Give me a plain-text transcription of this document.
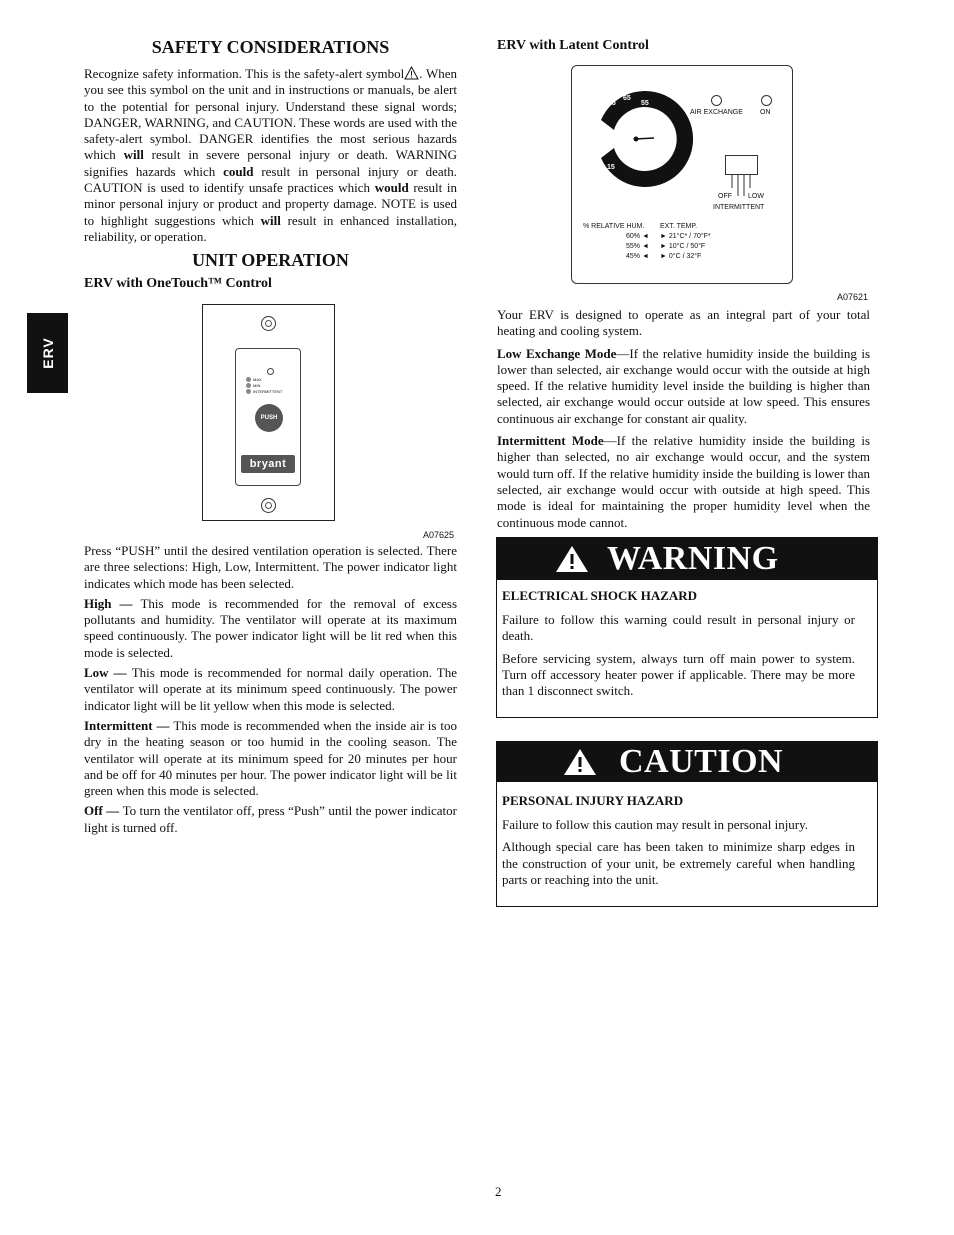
ERV
SAFETY CONSIDERATIONS

Recognize safety information. This is the safety‑alert symbol . When you see this symbol on the unit and in instructions or manuals, be alert to the potential for personal injury. Understand these signal words; DANGER, WARNING, and CAUTION. These words are used with the safety‑alert symbol. DANGER identifies the most serious hazards which will result in severe personal injury or death. WARNING signifies hazards which could result in personal injury or death. CAUTION is used to identify unsafe practices which would result in minor personal injury or product and property damage. NOTE is used to highlight suggestions which will result in enhanced installation, reliability, or operation.

UNIT OPERATION
ERV with OneTouch™ Control
MAX
MIN
INTERMITTENT
PUSH
bryant
A07625

Press “PUSH” until the desired ventilation operation is selected. There are three selections: High, Low, Intermittent. The power indicator light indicates which mode has been selected.

High — This mode is recommended for the removal of excess pollutants and humidity. The ventilator will operate at its maximum speed continuously. The power indicator light will be lit red when this mode is selected.

Low — This mode is recommended for normal daily operation. The ventilator will operate at its minimum speed continuously. The power indicator light will be lit yellow when this mode is selected.

Intermittent — This mode is recommended when the inside air is too dry in the heating season or too humid in the cooling season. The ventilator will operate at its minimum speed for 20 minutes per hour and be off for 40 minutes per hour. The power indicator light will be lit green when this mode is selected.

Off — To turn the ventilator off, press “Push” until the power indicator light is turned off.

ERV with Latent Control
75
65
55
45
35
25
15
AIR EXCHANGE ON
OFF LOW
INTERMITTENT
% RELATIVE HUM. EXT. TEMP.
60% ◄ ► 21°C* / 70°F*
55% ◄ ► 10°C / 50°F
45% ◄ ► 0°C / 32°F
A07621

Your ERV is designed to operate as an integral part of your total heating and cooling system.

Low Exchange Mode—If the relative humidity inside the building is lower than selected, air exchange would occur with the outside at high speed. If the relative humidity level inside the building is higher than selected, air exchange would occur outside at low speed. This ensures continuous air exchange for constant air quality.

Intermittent Mode—If the relative humidity inside the building is higher than selected, no air exchange would occur, and the system would turn off. If the relative humidity inside the building is lower than selected, air exchange would occur with outside at high speed. This mode is ideal for maintaining the proper humidity level when the continuous mode cannot.

WARNING

ELECTRICAL SHOCK HAZARD

Failure to follow this warning could result in personal injury or death.

Before servicing system, always turn off main power to system. Turn off accessory heater power if applicable. There may be more than 1 disconnect switch.

CAUTION

PERSONAL INJURY HAZARD

Failure to follow this caution may result in personal injury.

Although special care has been taken to minimize sharp edges in the construction of your unit, be extremely careful when handling parts or reaching into the unit.

2
